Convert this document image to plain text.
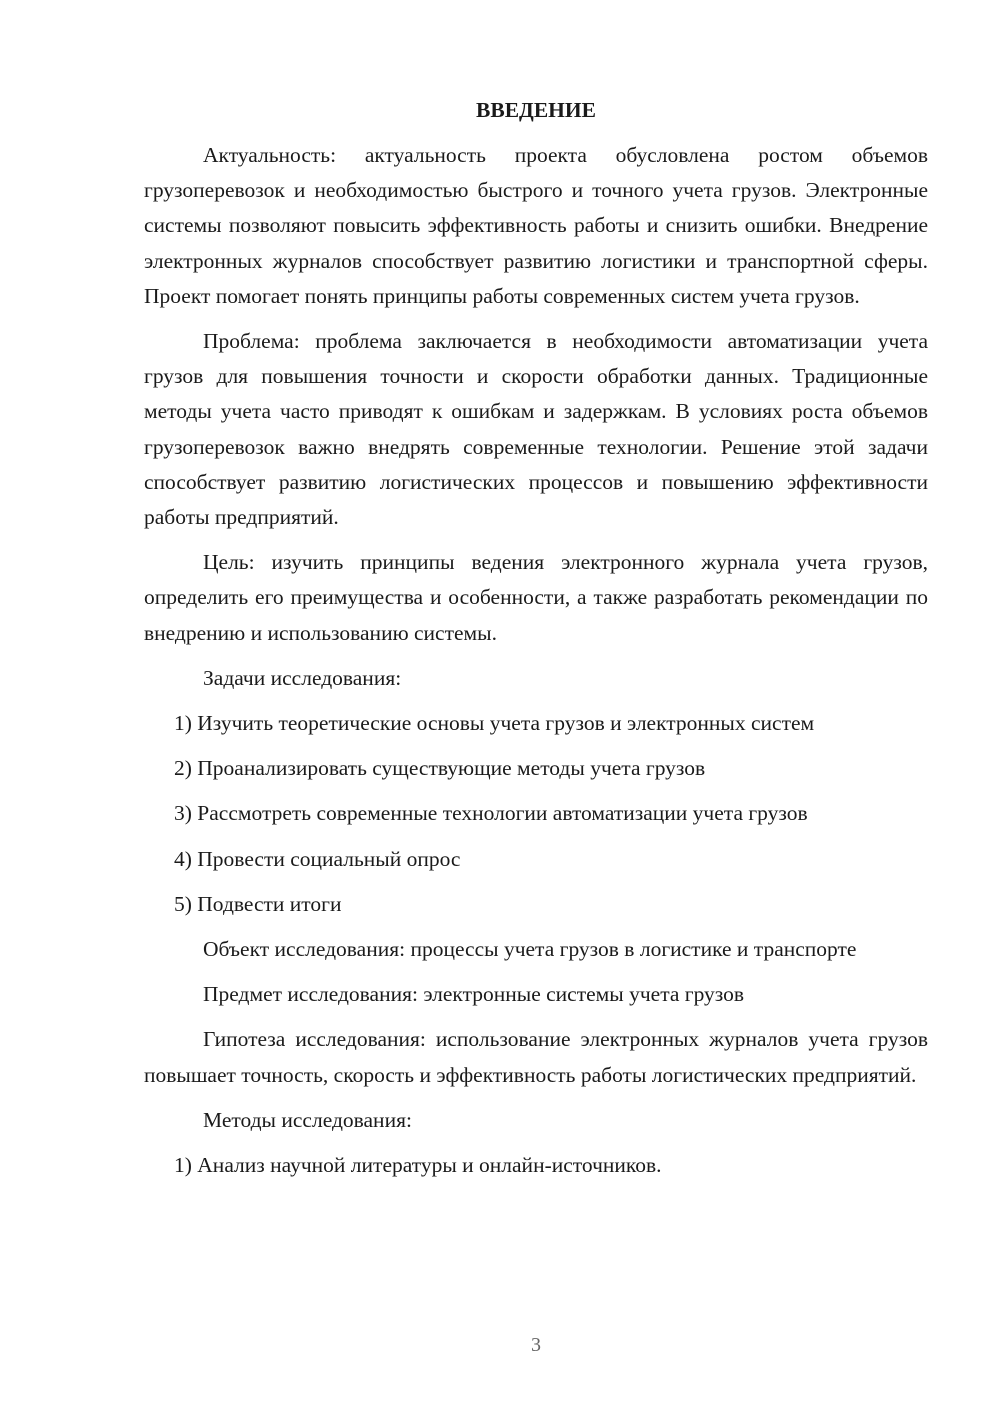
ВВЕДЕНИЕ

Актуальность: актуальность проекта обусловлена ростом объемов грузоперевозок и необходимостью быстрого и точного учета грузов. Электронные системы позволяют повысить эффективность работы и снизить ошибки. Внедрение электронных журналов способствует развитию логистики и транспортной сферы. Проект помогает понять принципы работы современных систем учета грузов.

Проблема: проблема заключается в необходимости автоматизации учета грузов для повышения точности и скорости обработки данных. Традиционные методы учета часто приводят к ошибкам и задержкам. В условиях роста объемов грузоперевозок важно внедрять современные технологии. Решение этой задачи способствует развитию логистических процессов и повышению эффективности работы предприятий.

Цель: изучить принципы ведения электронного журнала учета грузов, определить его преимущества и особенности, а также разработать рекомендации по внедрению и использованию системы.

Задачи исследования:

1) Изучить теоретические основы учета грузов и электронных систем
2) Проанализировать существующие методы учета грузов
3) Рассмотреть современные технологии автоматизации учета грузов
4) Провести социальный опрос
5) Подвести итоги

Объект исследования: процессы учета грузов в логистике и транспорте

Предмет исследования: электронные системы учета грузов

Гипотеза исследования: использование электронных журналов учета грузов повышает точность, скорость и эффективность работы логистических предприятий.

Методы исследования:

1) Анализ научной литературы и онлайн-источников.
3
